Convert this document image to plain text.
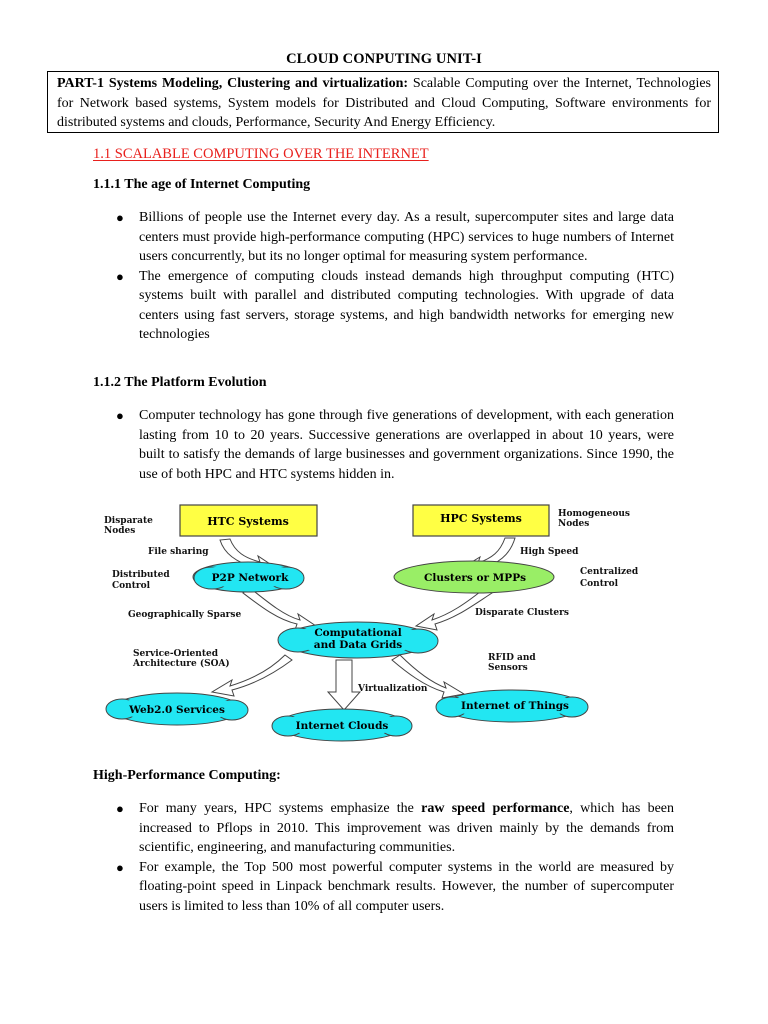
CLOUD CONPUTING UNIT-I
PART-1 Systems Modeling, Clustering and virtualization: Scalable Computing over the Internet, Technologies for Network based systems, System models for Distributed and Cloud Computing, Software environments for distributed systems and clouds, Performance, Security And Energy Efficiency.
1.1 SCALABLE COMPUTING OVER THE INTERNET
1.1.1 The age of Internet Computing
● Billions of people use the Internet every day. As a result, supercomputer sites and large data centers must provide high-performance computing (HPC) services to huge numbers of Internet users concurrently, but its no longer optimal for measuring system performance.
● The emergence of computing clouds instead demands high throughput computing (HTC) systems built with parallel and distributed computing technologies. With upgrade of data centers using fast servers, storage systems, and high bandwidth networks for emerging new technologies
1.1.2 The Platform Evolution
● Computer technology has gone through five generations of development, with each generation lasting from 10 to 20 years. Successive generations are overlapped in about 10 years, were built to satisfy the demands of large businesses and government organizations. Since 1990, the use of both HPC and HTC systems hidden in.
HTC Systems	HPC Systems
P2P Network	Clusters or MPPs
Computational
and Data Grids
Web2.0 Services
Internet Clouds
Internet of Things
Disparate
Nodes
Homogeneous
Nodes
File sharing	High Speed
Distributed
Control
Centralized
Control
Geographically Sparse	Disparate Clusters
Service-Oriented
Architecture (SOA)
RFID and
Sensors
Virtualization
High-Performance Computing:
● For many years, HPC systems emphasize the raw speed performance, which has been increased to Pflops in 2010. This improvement was driven mainly by the demands from scientific, engineering, and manufacturing communities.
● For example, the Top 500 most powerful computer systems in the world are measured by floating-point speed in Linpack benchmark results. However, the number of supercomputer users is limited to less than 10% of all computer users.
